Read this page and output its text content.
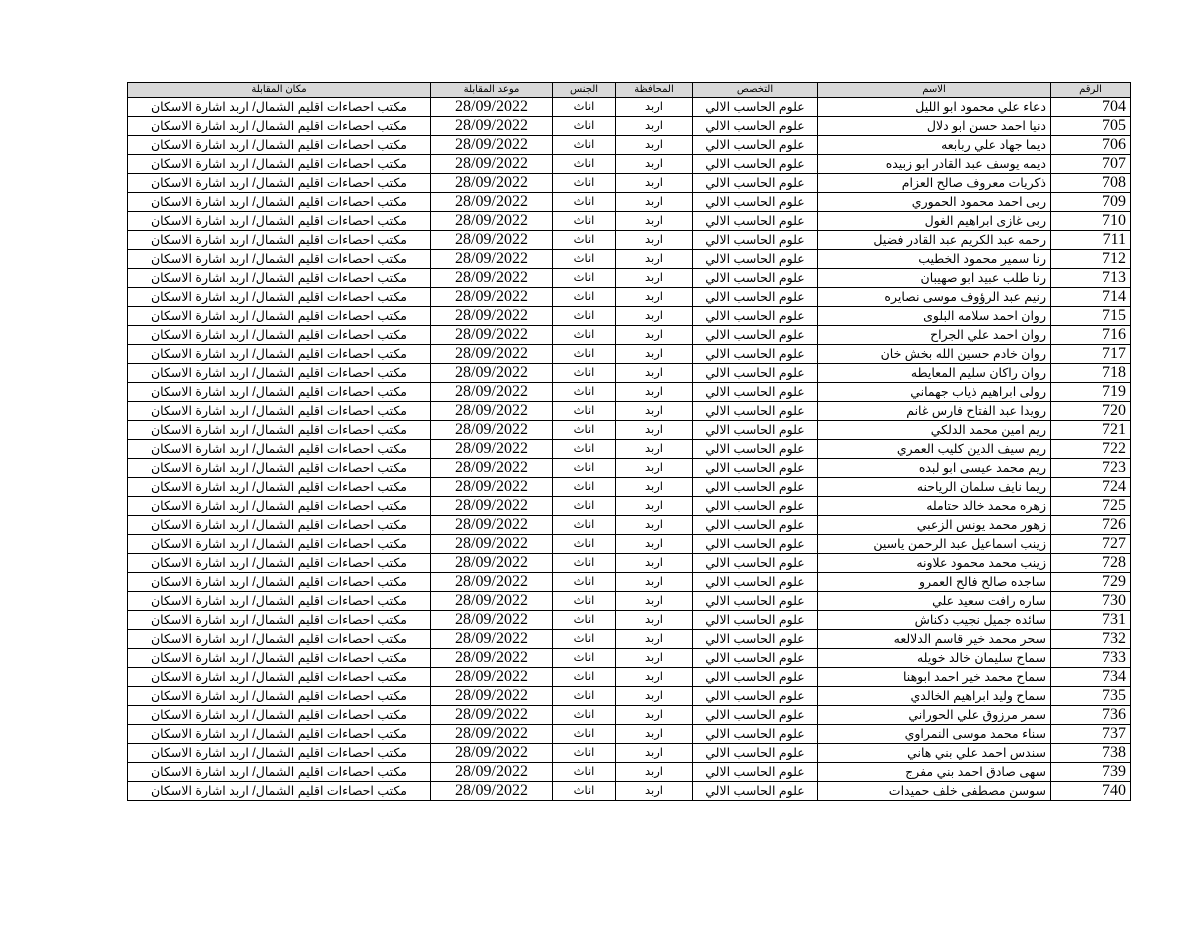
الرقم	الاسم	التخصص	المحافظة	الجنس	موعد المقابلة	مكان المقابلة
704	دعاء علي محمود ابو الليل	علوم الحاسب الالي	اربد	اناث	28/09/2022	مكتب احصاءات اقليم الشمال/ اربد اشارة الاسكان
705	دنيا احمد حسن ابو دلال	علوم الحاسب الالي	اربد	اناث	28/09/2022	مكتب احصاءات اقليم الشمال/ اربد اشارة الاسكان
706	ديما جهاد علي ربابعه	علوم الحاسب الالي	اربد	اناث	28/09/2022	مكتب احصاءات اقليم الشمال/ اربد اشارة الاسكان
707	ديمه يوسف عبد القادر ابو زبيده	علوم الحاسب الالي	اربد	اناث	28/09/2022	مكتب احصاءات اقليم الشمال/ اربد اشارة الاسكان
708	ذكريات معروف صالح العزام	علوم الحاسب الالي	اربد	اناث	28/09/2022	مكتب احصاءات اقليم الشمال/ اربد اشارة الاسكان
709	ربى احمد محمود الحموري	علوم الحاسب الالي	اربد	اناث	28/09/2022	مكتب احصاءات اقليم الشمال/ اربد اشارة الاسكان
710	ربى غازى ابراهيم الغول	علوم الحاسب الالي	اربد	اناث	28/09/2022	مكتب احصاءات اقليم الشمال/ اربد اشارة الاسكان
711	رحمه عبد الكريم عبد القادر فضيل	علوم الحاسب الالي	اربد	اناث	28/09/2022	مكتب احصاءات اقليم الشمال/ اربد اشارة الاسكان
712	رنا سمير محمود الخطيب	علوم الحاسب الالي	اربد	اناث	28/09/2022	مكتب احصاءات اقليم الشمال/ اربد اشارة الاسكان
713	رنا طلب عبيد ابو صهيبان	علوم الحاسب الالي	اربد	اناث	28/09/2022	مكتب احصاءات اقليم الشمال/ اربد اشارة الاسكان
714	رنيم عبد الرؤوف موسى نصايره	علوم الحاسب الالي	اربد	اناث	28/09/2022	مكتب احصاءات اقليم الشمال/ اربد اشارة الاسكان
715	روان احمد سلامه البلوى	علوم الحاسب الالي	اربد	اناث	28/09/2022	مكتب احصاءات اقليم الشمال/ اربد اشارة الاسكان
716	روان احمد علي الجراح	علوم الحاسب الالي	اربد	اناث	28/09/2022	مكتب احصاءات اقليم الشمال/ اربد اشارة الاسكان
717	روان خادم حسين الله بخش خان	علوم الحاسب الالي	اربد	اناث	28/09/2022	مكتب احصاءات اقليم الشمال/ اربد اشارة الاسكان
718	روان راكان سليم المعايطه	علوم الحاسب الالي	اربد	اناث	28/09/2022	مكتب احصاءات اقليم الشمال/ اربد اشارة الاسكان
719	رولى ابراهيم ذياب جهماني	علوم الحاسب الالي	اربد	اناث	28/09/2022	مكتب احصاءات اقليم الشمال/ اربد اشارة الاسكان
720	رويدا عبد الفتاح فارس غانم	علوم الحاسب الالي	اربد	اناث	28/09/2022	مكتب احصاءات اقليم الشمال/ اربد اشارة الاسكان
721	ريم امين محمد الدلكي	علوم الحاسب الالي	اربد	اناث	28/09/2022	مكتب احصاءات اقليم الشمال/ اربد اشارة الاسكان
722	ريم سيف الدين كليب العمري	علوم الحاسب الالي	اربد	اناث	28/09/2022	مكتب احصاءات اقليم الشمال/ اربد اشارة الاسكان
723	ريم محمد عيسى ابو لبده	علوم الحاسب الالي	اربد	اناث	28/09/2022	مكتب احصاءات اقليم الشمال/ اربد اشارة الاسكان
724	ريما نايف سلمان الرياحنه	علوم الحاسب الالي	اربد	اناث	28/09/2022	مكتب احصاءات اقليم الشمال/ اربد اشارة الاسكان
725	زهره محمد خالد حتامله	علوم الحاسب الالي	اربد	اناث	28/09/2022	مكتب احصاءات اقليم الشمال/ اربد اشارة الاسكان
726	زهور محمد يونس الزعبي	علوم الحاسب الالي	اربد	اناث	28/09/2022	مكتب احصاءات اقليم الشمال/ اربد اشارة الاسكان
727	زينب اسماعيل عبد الرحمن ياسين	علوم الحاسب الالي	اربد	اناث	28/09/2022	مكتب احصاءات اقليم الشمال/ اربد اشارة الاسكان
728	زينب محمد محمود علاونه	علوم الحاسب الالي	اربد	اناث	28/09/2022	مكتب احصاءات اقليم الشمال/ اربد اشارة الاسكان
729	ساجده صالح فالح العمرو	علوم الحاسب الالي	اربد	اناث	28/09/2022	مكتب احصاءات اقليم الشمال/ اربد اشارة الاسكان
730	ساره رافت سعيد علي	علوم الحاسب الالي	اربد	اناث	28/09/2022	مكتب احصاءات اقليم الشمال/ اربد اشارة الاسكان
731	سائده جميل نجيب دكناش	علوم الحاسب الالي	اربد	اناث	28/09/2022	مكتب احصاءات اقليم الشمال/ اربد اشارة الاسكان
732	سحر محمد خير قاسم الدلالعه	علوم الحاسب الالي	اربد	اناث	28/09/2022	مكتب احصاءات اقليم الشمال/ اربد اشارة الاسكان
733	سماح سليمان خالد خويله	علوم الحاسب الالي	اربد	اناث	28/09/2022	مكتب احصاءات اقليم الشمال/ اربد اشارة الاسكان
734	سماح محمد خير احمد ابوهنا	علوم الحاسب الالي	اربد	اناث	28/09/2022	مكتب احصاءات اقليم الشمال/ اربد اشارة الاسكان
735	سماح وليد ابراهيم الخالدي	علوم الحاسب الالي	اربد	اناث	28/09/2022	مكتب احصاءات اقليم الشمال/ اربد اشارة الاسكان
736	سمر مرزوق علي الحوراني	علوم الحاسب الالي	اربد	اناث	28/09/2022	مكتب احصاءات اقليم الشمال/ اربد اشارة الاسكان
737	سناء محمد موسى النمراوي	علوم الحاسب الالي	اربد	اناث	28/09/2022	مكتب احصاءات اقليم الشمال/ اربد اشارة الاسكان
738	سندس احمد علي بني هاني	علوم الحاسب الالي	اربد	اناث	28/09/2022	مكتب احصاءات اقليم الشمال/ اربد اشارة الاسكان
739	سهى صادق احمد بني مفرج	علوم الحاسب الالي	اربد	اناث	28/09/2022	مكتب احصاءات اقليم الشمال/ اربد اشارة الاسكان
740	سوسن مصطفى خلف حميدات	علوم الحاسب الالي	اربد	اناث	28/09/2022	مكتب احصاءات اقليم الشمال/ اربد اشارة الاسكان
